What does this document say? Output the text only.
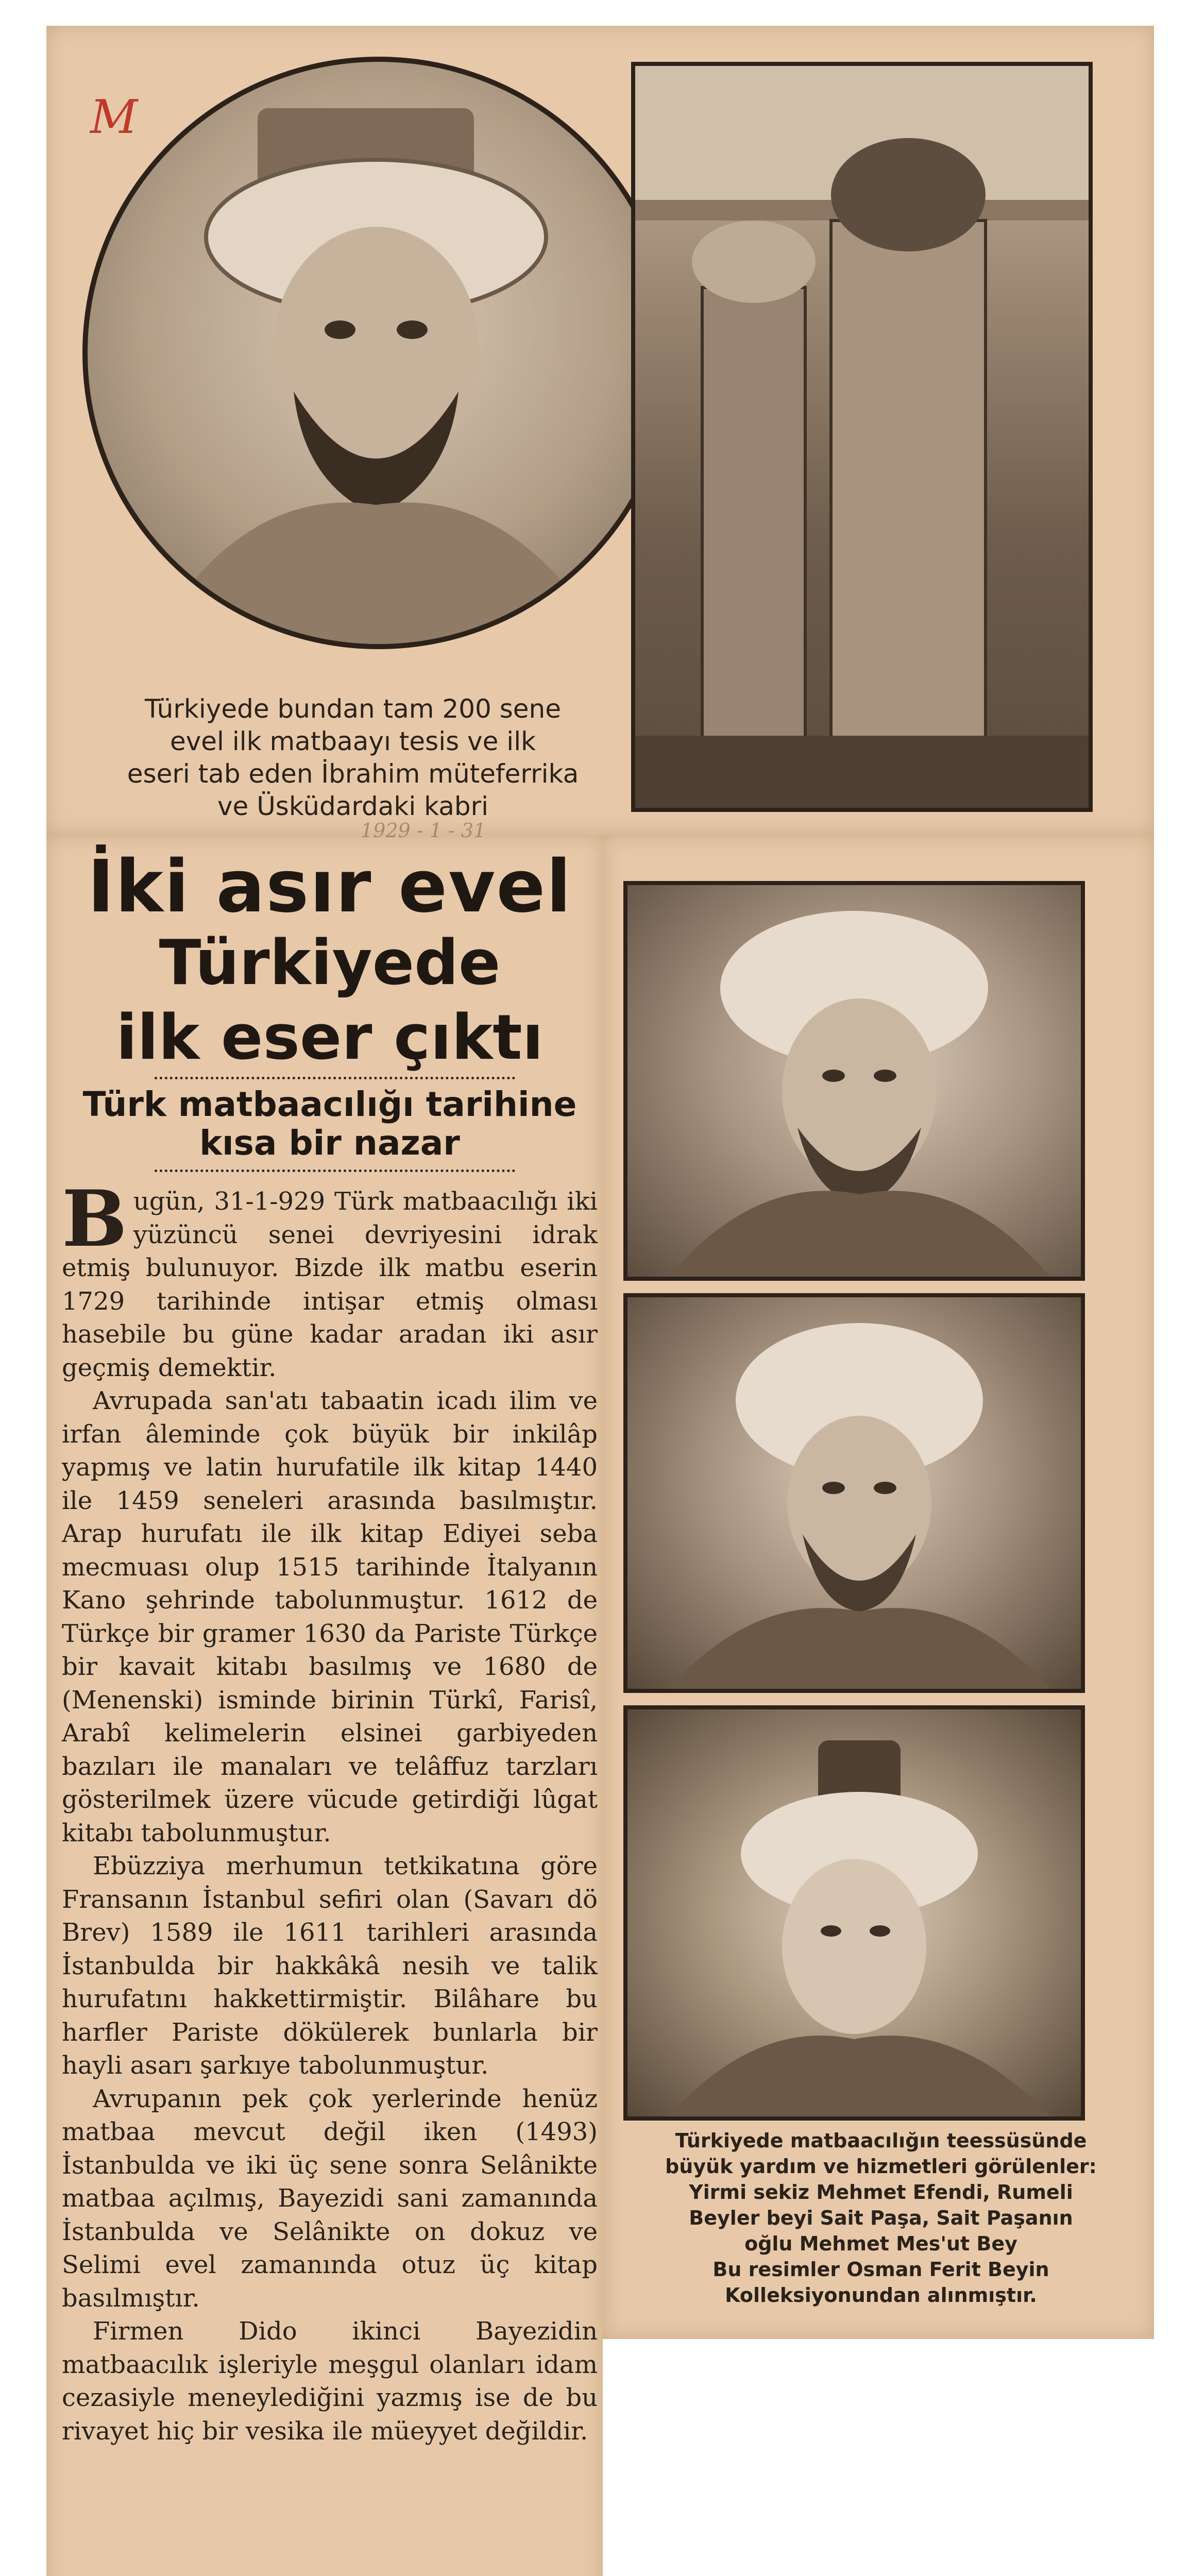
M
1929 - 1 - 31
Türkiyede bundan tam 200 sene
evel ilk matbaayı tesis ve ilk
eseri tab eden İbrahim müteferrika
ve Üsküdardaki kabri
İki asır evel
Türkiyede
ilk eser çıktı
Türk matbaacılığı tarihine
kısa bir nazar

Bugün, 31-1-929 Türk matbaacılığı iki yüzüncü senei devriyesini idrak etmiş bulunuyor. Bizde ilk matbu eserin 1729 tarihinde intişar etmiş olması hasebile bu güne kadar aradan iki asır geçmiş demektir.

Avrupada san'atı tabaatin icadı ilim ve irfan âleminde çok büyük bir inkilâp yapmış ve latin hurufatile ilk kitap 1440 ile 1459 seneleri arasında basılmıştır. Arap hurufatı ile ilk kitap Ediyei seba mecmuası olup 1515 tarihinde İtalyanın Kano şehrinde tabolunmuştur. 1612 de Türkçe bir gramer 1630 da Pariste Türkçe bir kavait kitabı basılmış ve 1680 de (Menenski) isminde birinin Türkî, Farisî, Arabî kelimelerin elsinei garbiyeden bazıları ile manaları ve telâffuz tarzları gösterilmek üzere vücude getirdiği lûgat kitabı tabolunmuştur.

Ebüzziya merhumun tetkikatına göre Fransanın İstanbul sefiri olan (Savarı dö Brev) 1589 ile 1611 tarihleri arasında İstanbulda bir hakkâkâ nesih ve talik hurufatını hakkettirmiştir. Bilâhare bu harfler Pariste dökülerek bunlarla bir hayli asarı şarkıye tabolunmuştur.

Avrupanın pek çok yerlerinde henüz matbaa mevcut değil iken (1493) İstanbulda ve iki üç sene sonra Selânikte matbaa açılmış, Bayezidi sani zamanında İstanbulda ve Selânikte on dokuz ve Selimi evel zamanında otuz üç kitap basılmıştır.

Firmen Dido ikinci Bayezidin matbaacılık işleriyle meşgul olanları idam cezasiyle meneylediğini yazmış ise de bu rivayet hiç bir vesika ile müeyyet değildir.

Türkiyede matbaacılığın teessüsünde
büyük yardım ve hizmetleri görülenler:
Yirmi sekiz Mehmet Efendi, Rumeli
Beyler beyi Sait Paşa, Sait Paşanın
oğlu Mehmet Mes'ut Bey
Bu resimler Osman Ferit Beyin
Kolleksiyonundan alınmıştır.
